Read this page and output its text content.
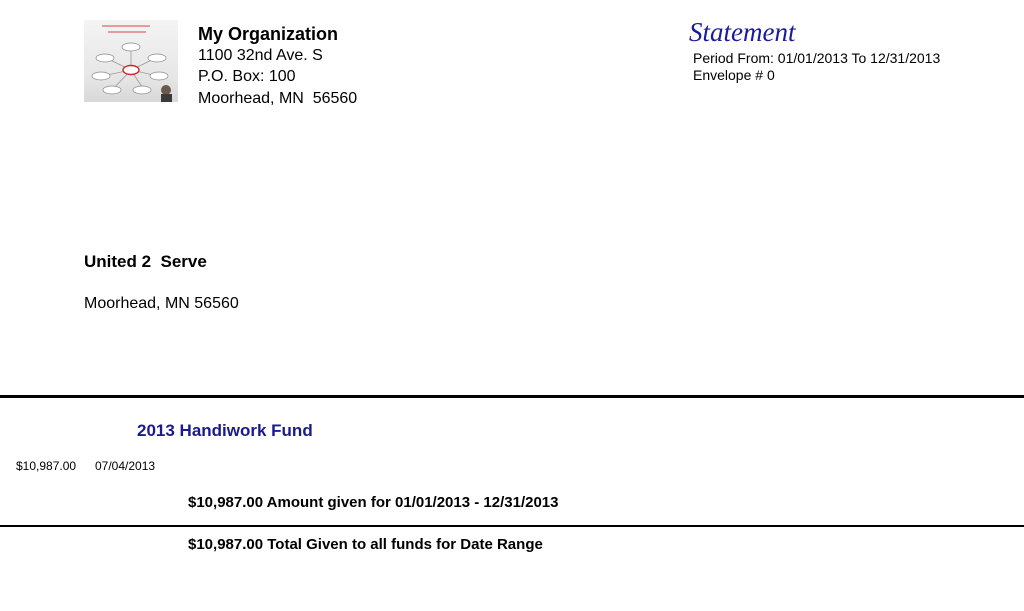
My Organization
1100 32nd Ave. S
P.O. Box: 100
Moorhead, MN  56560
Statement
Period From: 01/01/2013 To 12/31/2013
Envelope # 0
United 2  Serve
Moorhead, MN 56560
2013 Handiwork Fund
$10,987.00 07/04/2013
$10,987.00 Amount given for 01/01/2013 - 12/31/2013
$10,987.00 Total Given to all funds for Date Range
